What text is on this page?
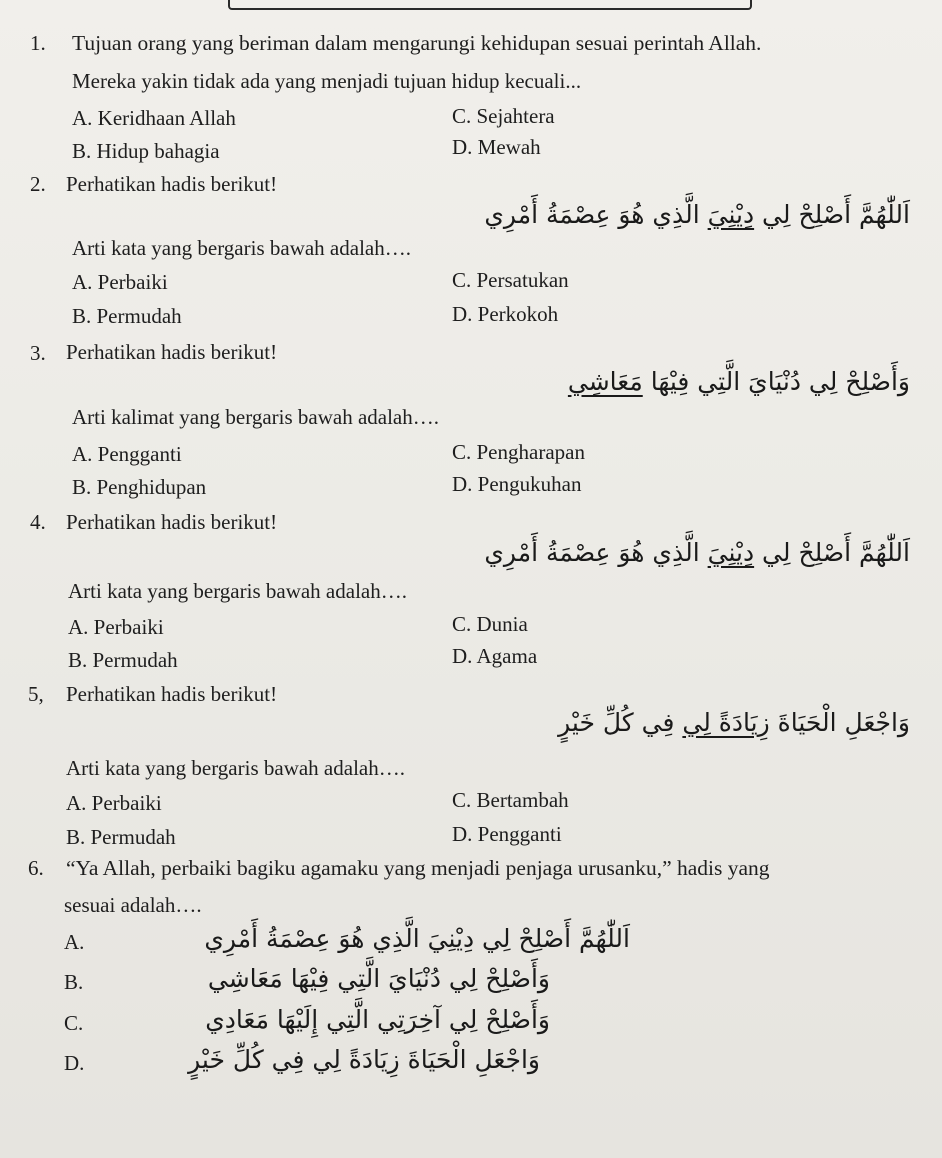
1. Tujuan orang yang beriman dalam mengarungi kehidupan sesuai perintah Allah.
Mereka yakin tidak ada yang menjadi tujuan hidup kecuali...
A. Keridhaan Allah	C. Sejahtera
B. Hidup bahagia	D. Mewah
2. Perhatikan hadis berikut!
اَللّٰهُمَّ أَصْلِحْ لِي دِيْنِيَ الَّذِي هُوَ عِصْمَةُ أَمْرِي
Arti kata yang bergaris bawah adalah….
A. Perbaiki	C. Persatukan
B. Permudah	D. Perkokoh
3. Perhatikan hadis berikut!
وَأَصْلِحْ لِي دُنْيَايَ الَّتِي فِيْهَا مَعَاشِي
Arti kalimat yang bergaris bawah adalah….
A. Pengganti	C. Pengharapan
B. Penghidupan	D. Pengukuhan
4. Perhatikan hadis berikut!
اَللّٰهُمَّ أَصْلِحْ لِي دِيْنِيَ الَّذِي هُوَ عِصْمَةُ أَمْرِي
Arti kata yang bergaris bawah adalah….
A. Perbaiki	C. Dunia
B. Permudah	D. Agama
5, Perhatikan hadis berikut!
وَاجْعَلِ الْحَيَاةَ زِيَادَةً لِي فِي كُلِّ خَيْرٍ
Arti kata yang bergaris bawah adalah….
A. Perbaiki	C. Bertambah
B. Permudah	D. Pengganti
6. “Ya Allah, perbaiki bagiku agamaku yang menjadi penjaga urusanku,” hadis yang
sesuai adalah….
A.	اَللّٰهُمَّ أَصْلِحْ لِي دِيْنِيَ الَّذِي هُوَ عِصْمَةُ أَمْرِي
B.	وَأَصْلِحْ لِي دُنْيَايَ الَّتِي فِيْهَا مَعَاشِي
C.	وَأَصْلِحْ لِي آخِرَتِي الَّتِي إِلَيْهَا مَعَادِي
D.	وَاجْعَلِ الْحَيَاةَ زِيَادَةً لِي فِي كُلِّ خَيْرٍ
